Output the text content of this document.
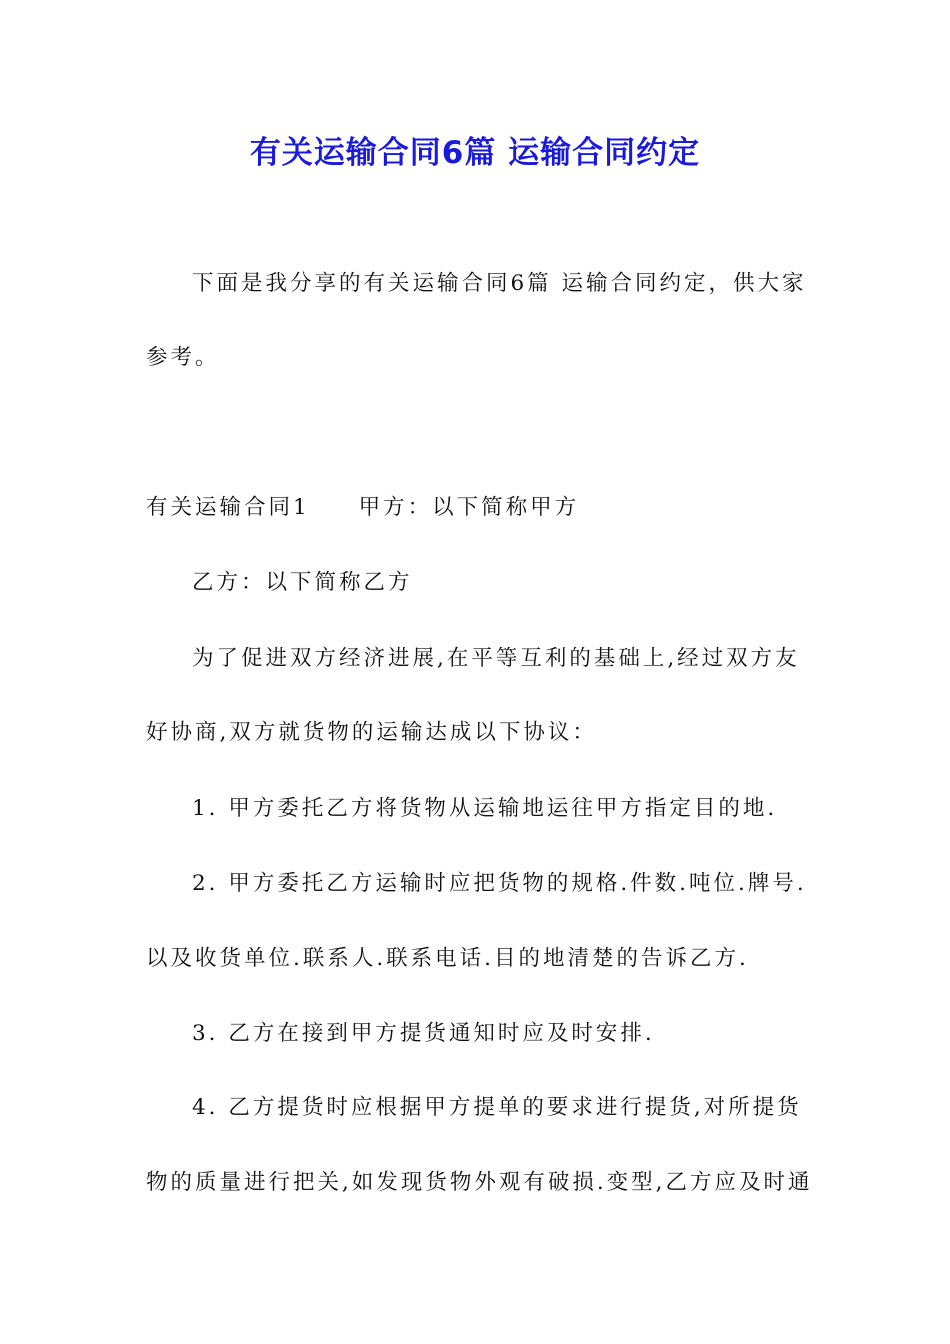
有关运输合同6篇 运输合同约定
下面是我分享的有关运输合同6篇 运输合同约定，供大家
参考。
有关运输合同1　　甲方：以下简称甲方
乙方：以下简称乙方
为了促进双方经济进展,在平等互利的基础上,经过双方友
好协商,双方就货物的运输达成以下协议：
1. 甲方委托乙方将货物从运输地运往甲方指定目的地.
2. 甲方委托乙方运输时应把货物的规格.件数.吨位.牌号.
以及收货单位.联系人.联系电话.目的地清楚的告诉乙方.
3. 乙方在接到甲方提货通知时应及时安排.
4. 乙方提货时应根据甲方提单的要求进行提货,对所提货
物的质量进行把关,如发现货物外观有破损.变型,乙方应及时通
